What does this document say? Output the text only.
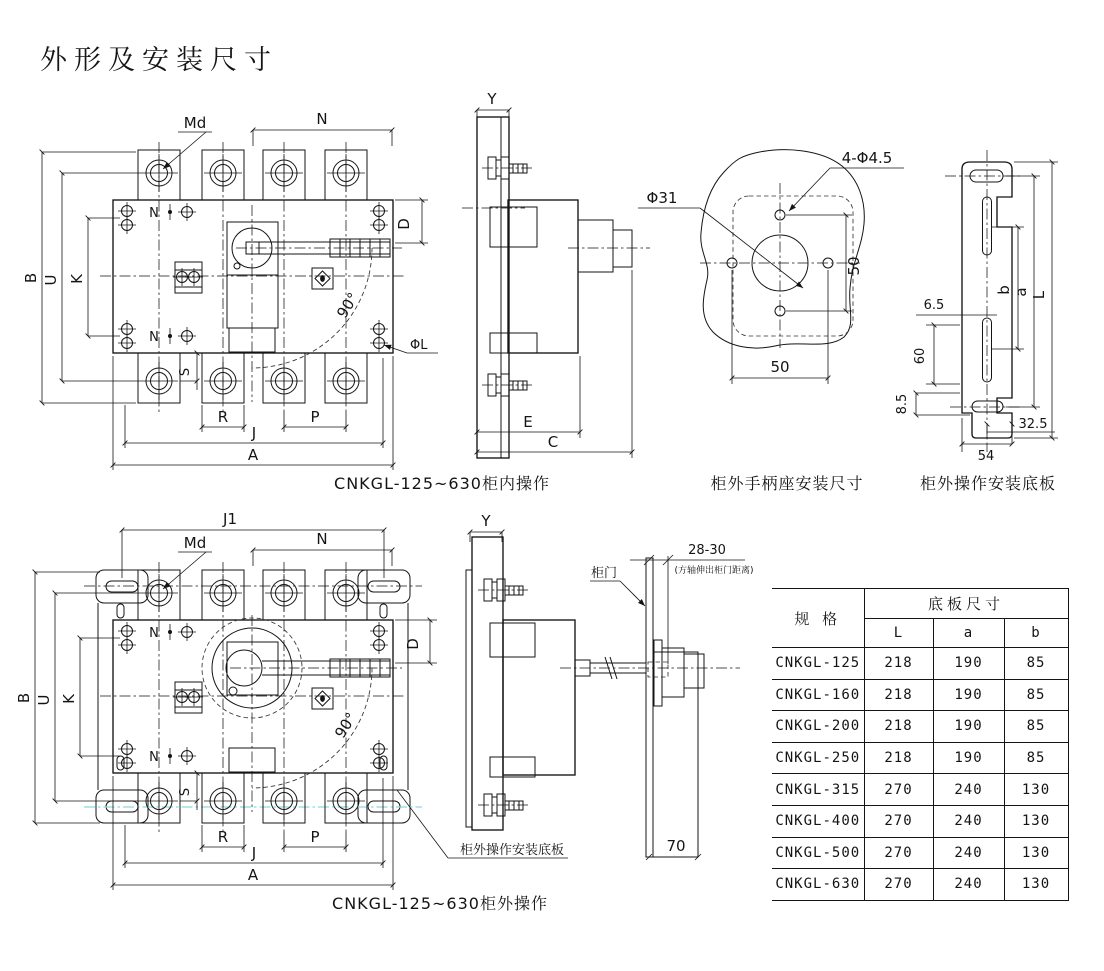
外形及安装尺寸
N
N
90°
Md	N
B U K
S
R	P
J
A
D
ΦL
CNKGL-125~630柜内操作
Y
E
C
Φ31
4-Φ4.5
50
50
柜外手柄座安装尺寸
6.5
60
8.5
32.5
54
b a L
柜外操作安装底板
N
N
90°
J1
Md	N
B U K
S
R	P
J
A
D
柜外操作安装底板
CNKGL-125~630柜外操作
Y
柜门
28-30
(方轴伸出柜门距离)
70
规 格	底板尺寸		
	L	a	b
CNKGL-125	218	190	85
CNKGL-160	218	190	85
CNKGL-200	218	190	85
CNKGL-250	218	190	85
CNKGL-315	270	240	130
CNKGL-400	270	240	130
CNKGL-500	270	240	130
CNKGL-630	270	240	130
